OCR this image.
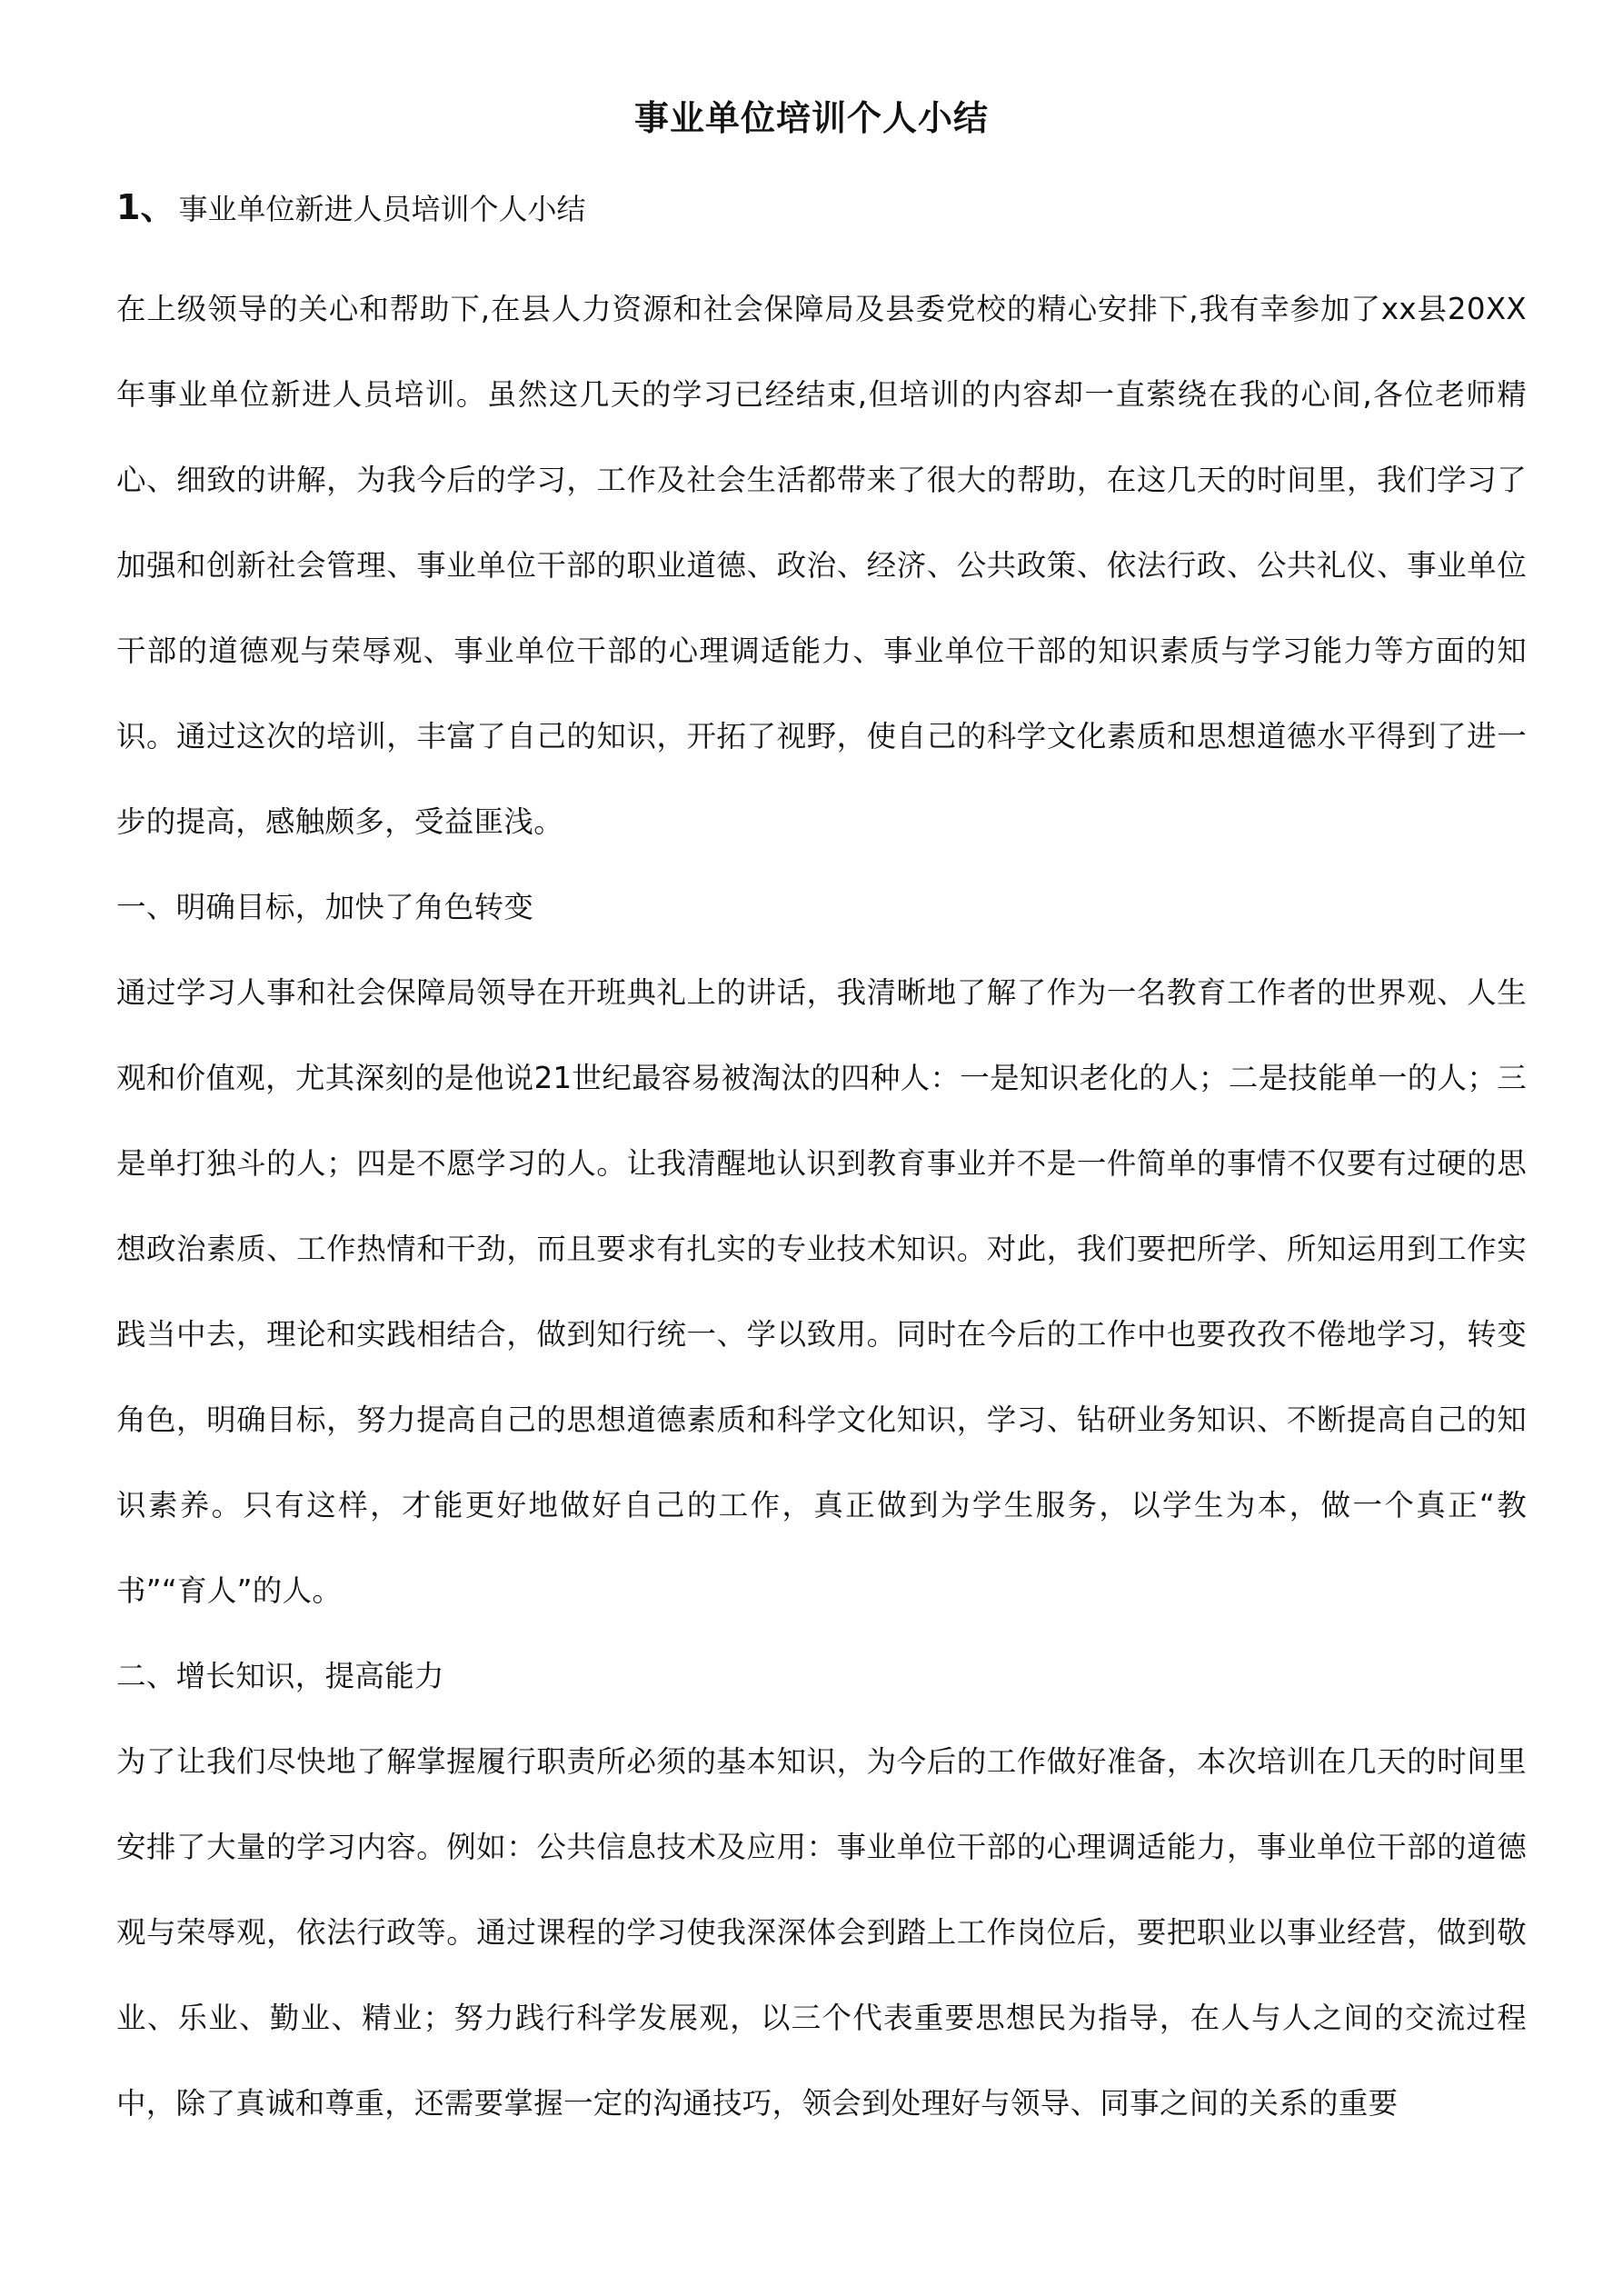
事业单位培训个人小结
1、 事业单位新进人员培训个人小结

在上级领导的关心和帮助下,在县人力资源和社会保障局及县委党校的精心安排下,我有幸参加了xx县20XX年事业单位新进人员培训。虽然这几天的学习已经结束,但培训的内容却一直萦绕在我的心间,各位老师精心、细致的讲解，为我今后的学习，工作及社会生活都带来了很大的帮助，在这几天的时间里，我们学习了加强和创新社会管理、事业单位干部的职业道德、政治、经济、公共政策、依法行政、公共礼仪、事业单位干部的道德观与荣辱观、事业单位干部的心理调适能力、事业单位干部的知识素质与学习能力等方面的知识。通过这次的培训，丰富了自己的知识，开拓了视野，使自己的科学文化素质和思想道德水平得到了进一步的提高，感触颇多，受益匪浅。

一、明确目标，加快了角色转变

通过学习人事和社会保障局领导在开班典礼上的讲话，我清晰地了解了作为一名教育工作者的世界观、人生观和价值观，尤其深刻的是他说21世纪最容易被淘汰的四种人：一是知识老化的人；二是技能单一的人；三是单打独斗的人；四是不愿学习的人。让我清醒地认识到教育事业并不是一件简单的事情不仅要有过硬的思想政治素质、工作热情和干劲，而且要求有扎实的专业技术知识。对此，我们要把所学、所知运用到工作实践当中去，理论和实践相结合，做到知行统一、学以致用。同时在今后的工作中也要孜孜不倦地学习，转变角色，明确目标，努力提高自己的思想道德素质和科学文化知识，学习、钻研业务知识、不断提高自己的知识素养。只有这样，才能更好地做好自己的工作，真正做到为学生服务，以学生为本，做一个真正“教书”“育人”的人。

二、增长知识，提高能力

为了让我们尽快地了解掌握履行职责所必须的基本知识，为今后的工作做好准备，本次培训在几天的时间里安排了大量的学习内容。例如：公共信息技术及应用：事业单位干部的心理调适能力，事业单位干部的道德观与荣辱观，依法行政等。通过课程的学习使我深深体会到踏上工作岗位后，要把职业以事业经营，做到敬业、乐业、勤业、精业；努力践行科学发展观，以三个代表重要思想民为指导，在人与人之间的交流过程中，除了真诚和尊重，还需要掌握一定的沟通技巧，领会到处理好与领导、同事之间的关系的重要
